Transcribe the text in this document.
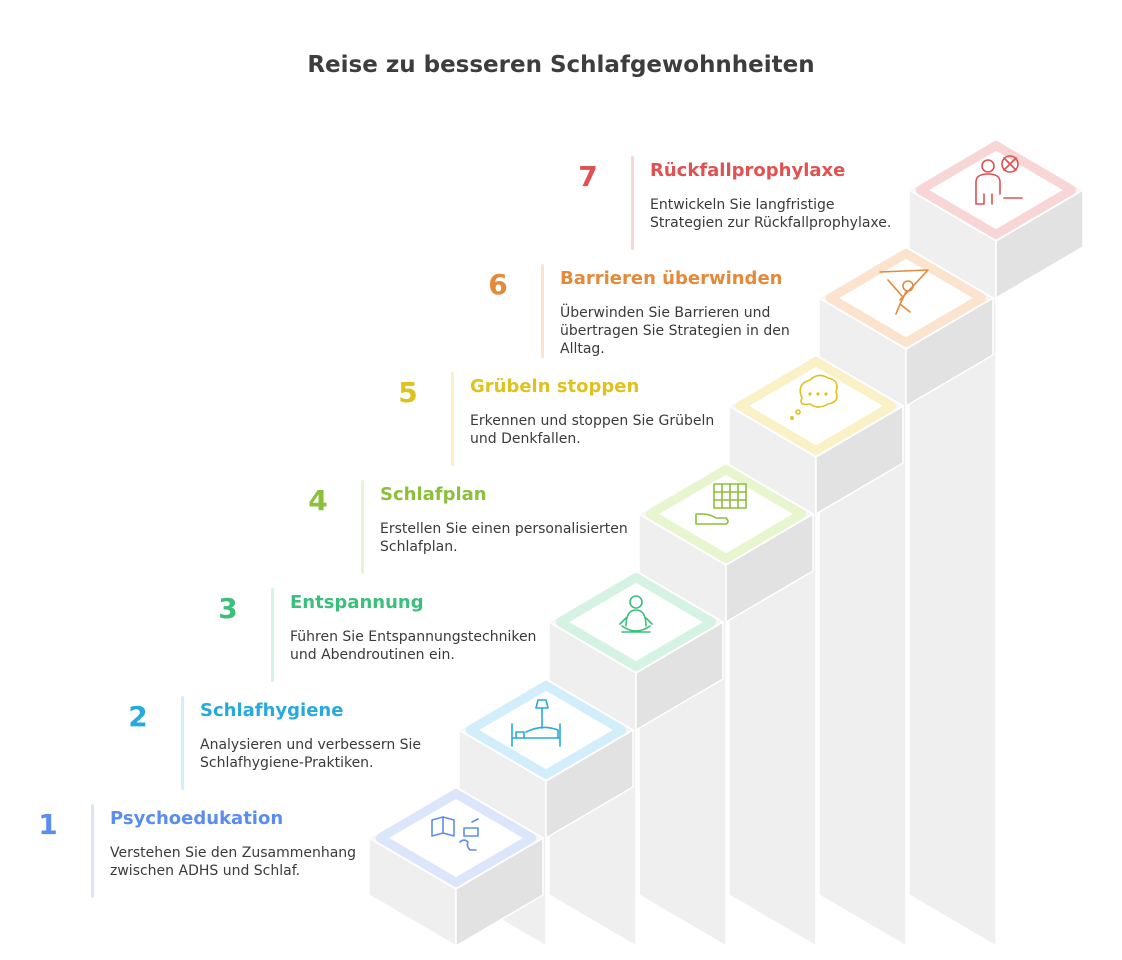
Reise zu besseren Schlafgewohnheiten
1	Psychoedukation
Verstehen Sie den Zusammenhang zwischen ADHS und Schlaf.
2	Schlafhygiene
Analysieren und verbessern Sie Schlafhygiene-Praktiken.
3	Entspannung
Führen Sie Entspannungstechniken und Abendroutinen ein.
4	Schlafplan
Erstellen Sie einen personalisierten Schlafplan.
5	Grübeln stoppen
Erkennen und stoppen Sie Grübeln und Denkfallen.
6	Barrieren überwinden
Überwinden Sie Barrieren und übertragen Sie Strategien in den Alltag.
7	Rückfallprophylaxe
Entwickeln Sie langfristige Strategien zur Rückfallprophylaxe.
